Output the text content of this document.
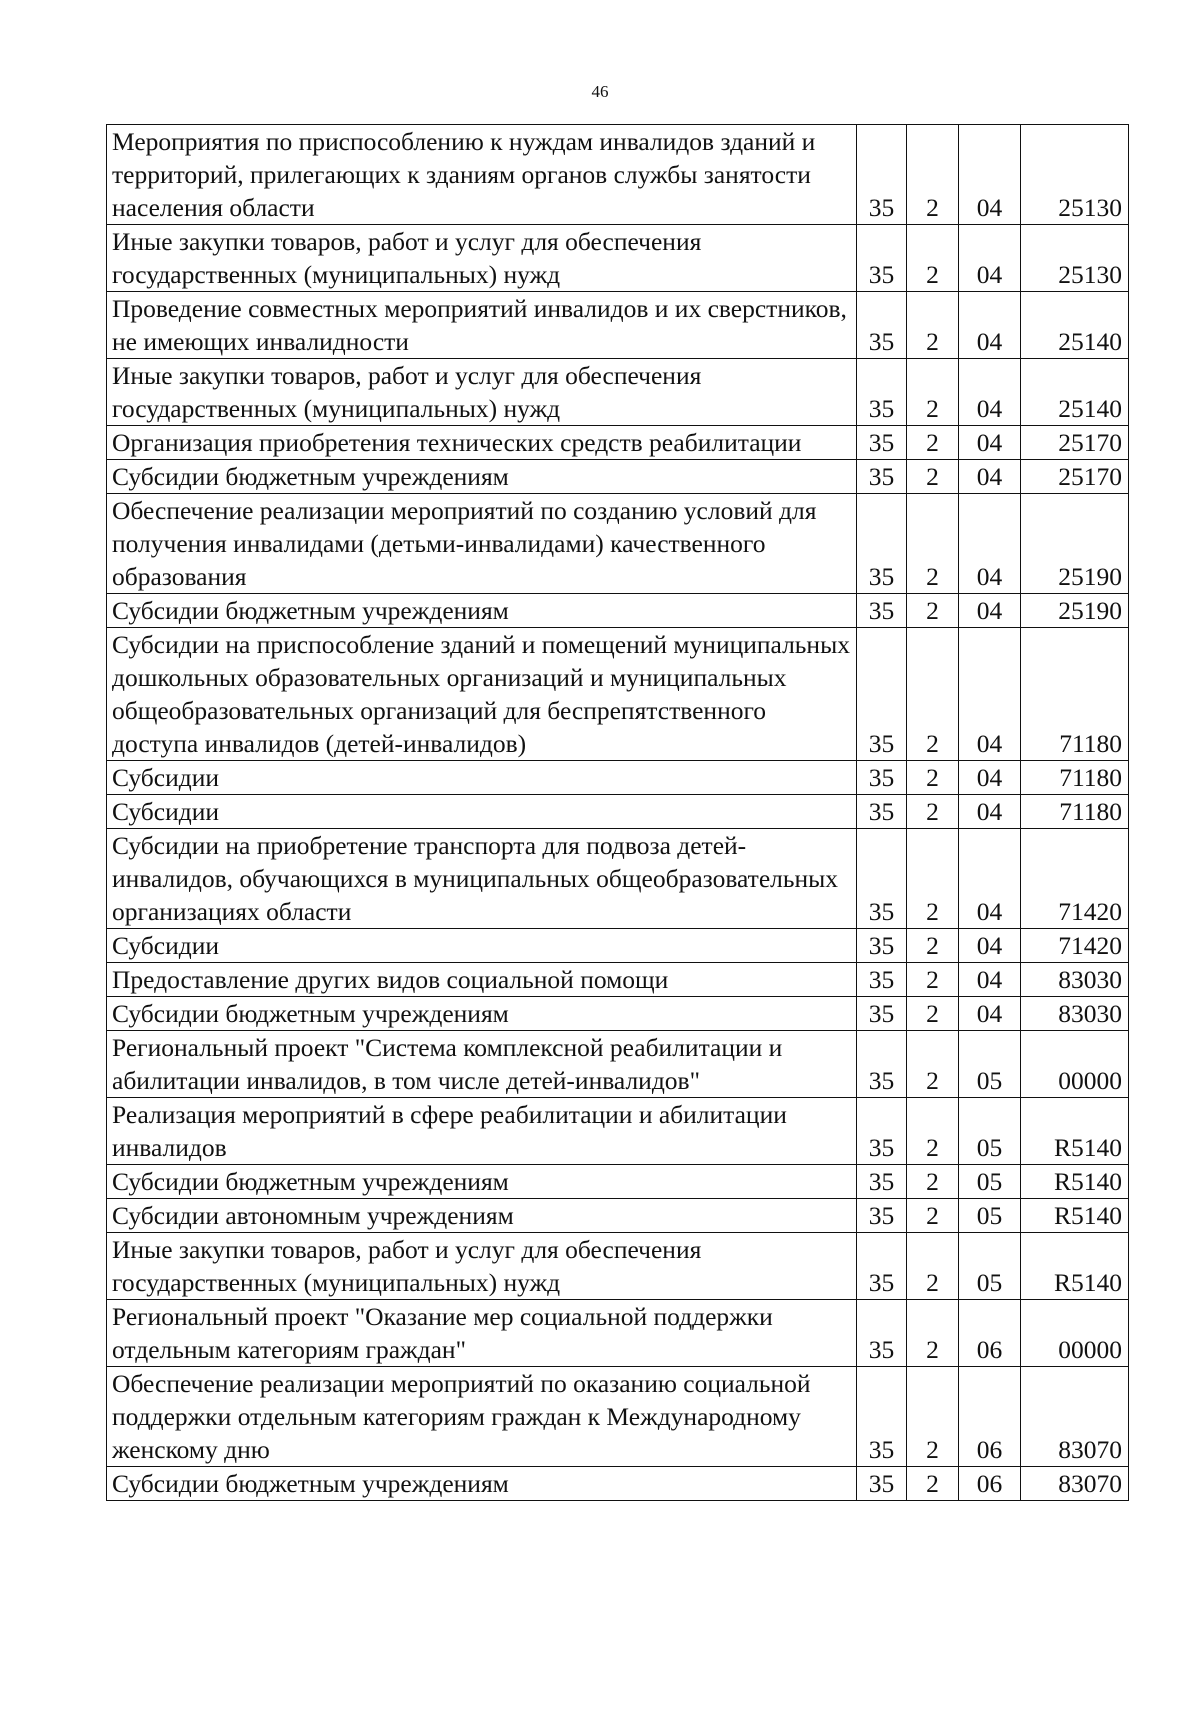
46
Мероприятия по приспособлению к нуждам инвалидов зданий и территорий, прилегающих к зданиям органов службы занятости населения области	35	2	04	25130
Иные закупки товаров, работ и услуг для обеспечения государственных (муниципальных) нужд	35	2	04	25130
Проведение совместных мероприятий инвалидов и их сверстников, не имеющих инвалидности	35	2	04	25140
Иные закупки товаров, работ и услуг для обеспечения государственных (муниципальных) нужд	35	2	04	25140
Организация приобретения технических средств реабилитации	35	2	04	25170
Субсидии бюджетным учреждениям	35	2	04	25170
Обеспечение реализации мероприятий по созданию условий для получения инвалидами (детьми-инвалидами) качественного образования	35	2	04	25190
Субсидии бюджетным учреждениям	35	2	04	25190
Субсидии на приспособление зданий и помещений муниципальных дошкольных образовательных организаций и муниципальных общеобразовательных организаций для беспрепятственного доступа инвалидов (детей-инвалидов)	35	2	04	71180
Субсидии	35	2	04	71180
Субсидии	35	2	04	71180
Субсидии на приобретение транспорта для подвоза детей-инвалидов, обучающихся в муниципальных общеобразовательных организациях области	35	2	04	71420
Субсидии	35	2	04	71420
Предоставление других видов социальной помощи	35	2	04	83030
Субсидии бюджетным учреждениям	35	2	04	83030
Региональный проект "Система комплексной реабилитации и абилитации инвалидов, в том числе детей-инвалидов"	35	2	05	00000
Реализация мероприятий в сфере реабилитации и абилитации инвалидов	35	2	05	R5140
Субсидии бюджетным учреждениям	35	2	05	R5140
Субсидии автономным учреждениям	35	2	05	R5140
Иные закупки товаров, работ и услуг для обеспечения государственных (муниципальных) нужд	35	2	05	R5140
Региональный проект "Оказание мер социальной поддержки отдельным категориям граждан"	35	2	06	00000
Обеспечение реализации мероприятий по оказанию социальной поддержки отдельным категориям граждан к Международному женскому дню	35	2	06	83070
Субсидии бюджетным учреждениям	35	2	06	83070
